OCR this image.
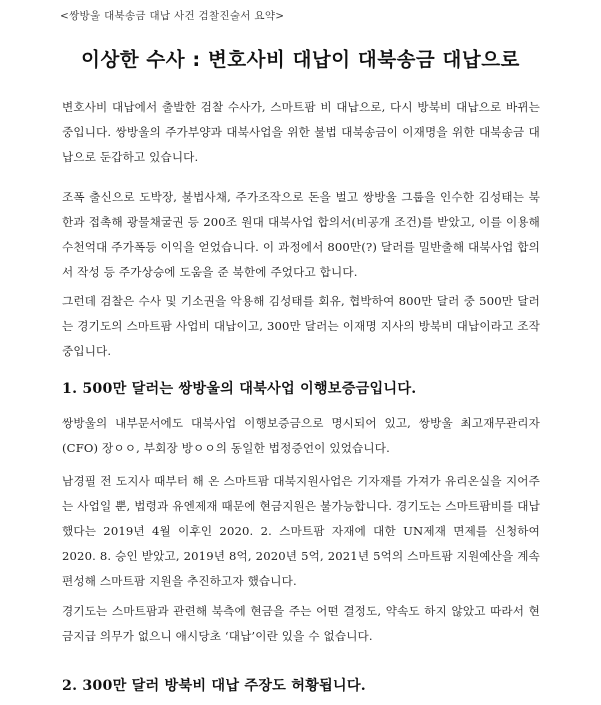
<쌍방울 대북송금 대납 사건 검찰진술서 요약>
이상한 수사 : 변호사비 대납이 대북송금 대납으로
변호사비 대납에서 출발한 검찰 수사가, 스마트팜 비 대납으로, 다시 방북비 대납으로 바뀌는 중입니다. 쌍방울의 주가부양과 대북사업을 위한 불법 대북송금이 이재명을 위한 대북송금 대납으로 둔갑하고 있습니다.
조폭 출신으로 도박장, 불법사채, 주가조작으로 돈을 벌고 쌍방울 그룹을 인수한 김성태는 북한과 접촉해 광물채굴권 등 200조 원대 대북사업 합의서(비공개 조건)를 받았고, 이를 이용해 수천억대 주가폭등 이익을 얻었습니다. 이 과정에서 800만(?) 달러를 밀반출해 대북사업 합의서 작성 등 주가상승에 도움을 준 북한에 주었다고 합니다.
그런데 검찰은 수사 및 기소권을 악용해 김성태를 회유, 협박하여 800만 달러 중 500만 달러는 경기도의 스마트팜 사업비 대납이고, 300만 달러는 이재명 지사의 방북비 대납이라고 조작 중입니다.
1. 500만 달러는 쌍방울의 대북사업 이행보증금입니다.
쌍방울의 내부문서에도 대북사업 이행보증금으로 명시되어 있고, 쌍방울 최고재무관리자(CFO) 장ㅇㅇ, 부회장 방ㅇㅇ의 동일한 법정증언이 있었습니다.
남경필 전 도지사 때부터 해 온 스마트팜 대북지원사업은 기자재를 가져가 유리온실을 지어주는 사업일 뿐, 법령과 유엔제재 때문에 현금지원은 불가능합니다. 경기도는 스마트팜비를 대납했다는 2019년 4월 이후인 2020. 2. 스마트팜 자재에 대한 UN제재 면제를 신청하여 2020. 8. 승인 받았고, 2019년 8억, 2020년 5억, 2021년 5억의 스마트팜 지원예산을 계속 편성해 스마트팜 지원을 추진하고자 했습니다.
경기도는 스마트팜과 관련해 북측에 현금을 주는 어떤 결정도, 약속도 하지 않았고 따라서 현금지급 의무가 없으니 애시당초 ‘대납’이란 있을 수 없습니다.
2. 300만 달러 방북비 대납 주장도 허황됩니다.
